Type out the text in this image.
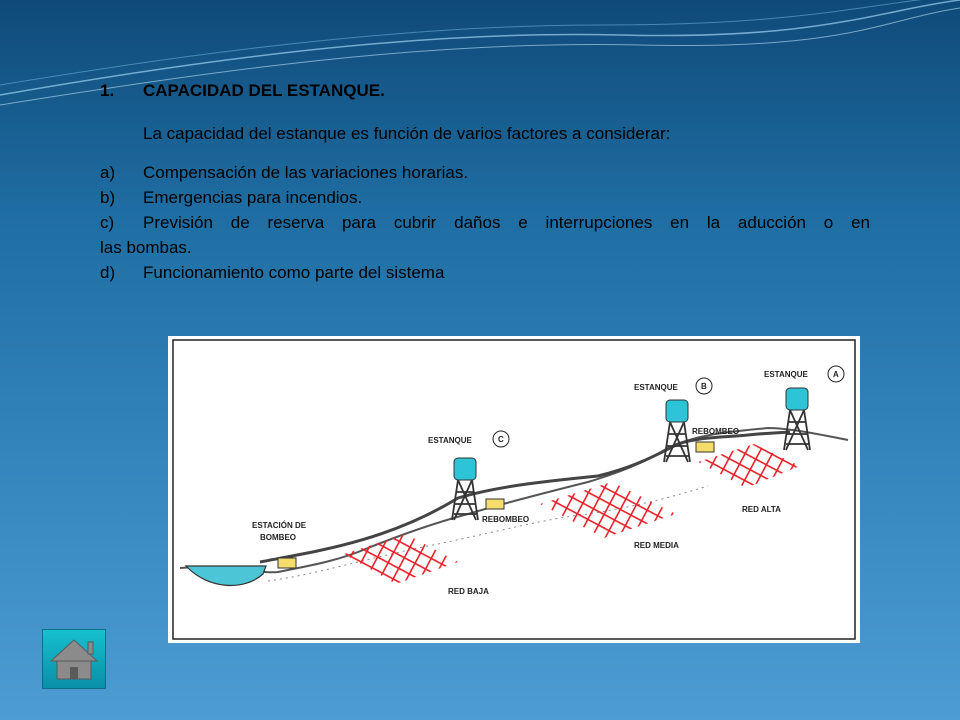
1.	CAPACIDAD DEL ESTANQUE.
La capacidad del estanque es función de varios factores a considerar:
a)	Compensación de las variaciones horarias.
b)	Emergencias para incendios.
c)	Previsión de reserva para cubrir daños e interrupciones en la aducción o en
las bombas.
d)	Funcionamiento como parte del sistema
ESTANQUE	A
ESTANQUE	B
ESTANQUE	C
REBOMBEO
REBOMBEO
ESTACIÓN DE
BOMBEO
RED ALTA
RED MEDIA
RED BAJA
